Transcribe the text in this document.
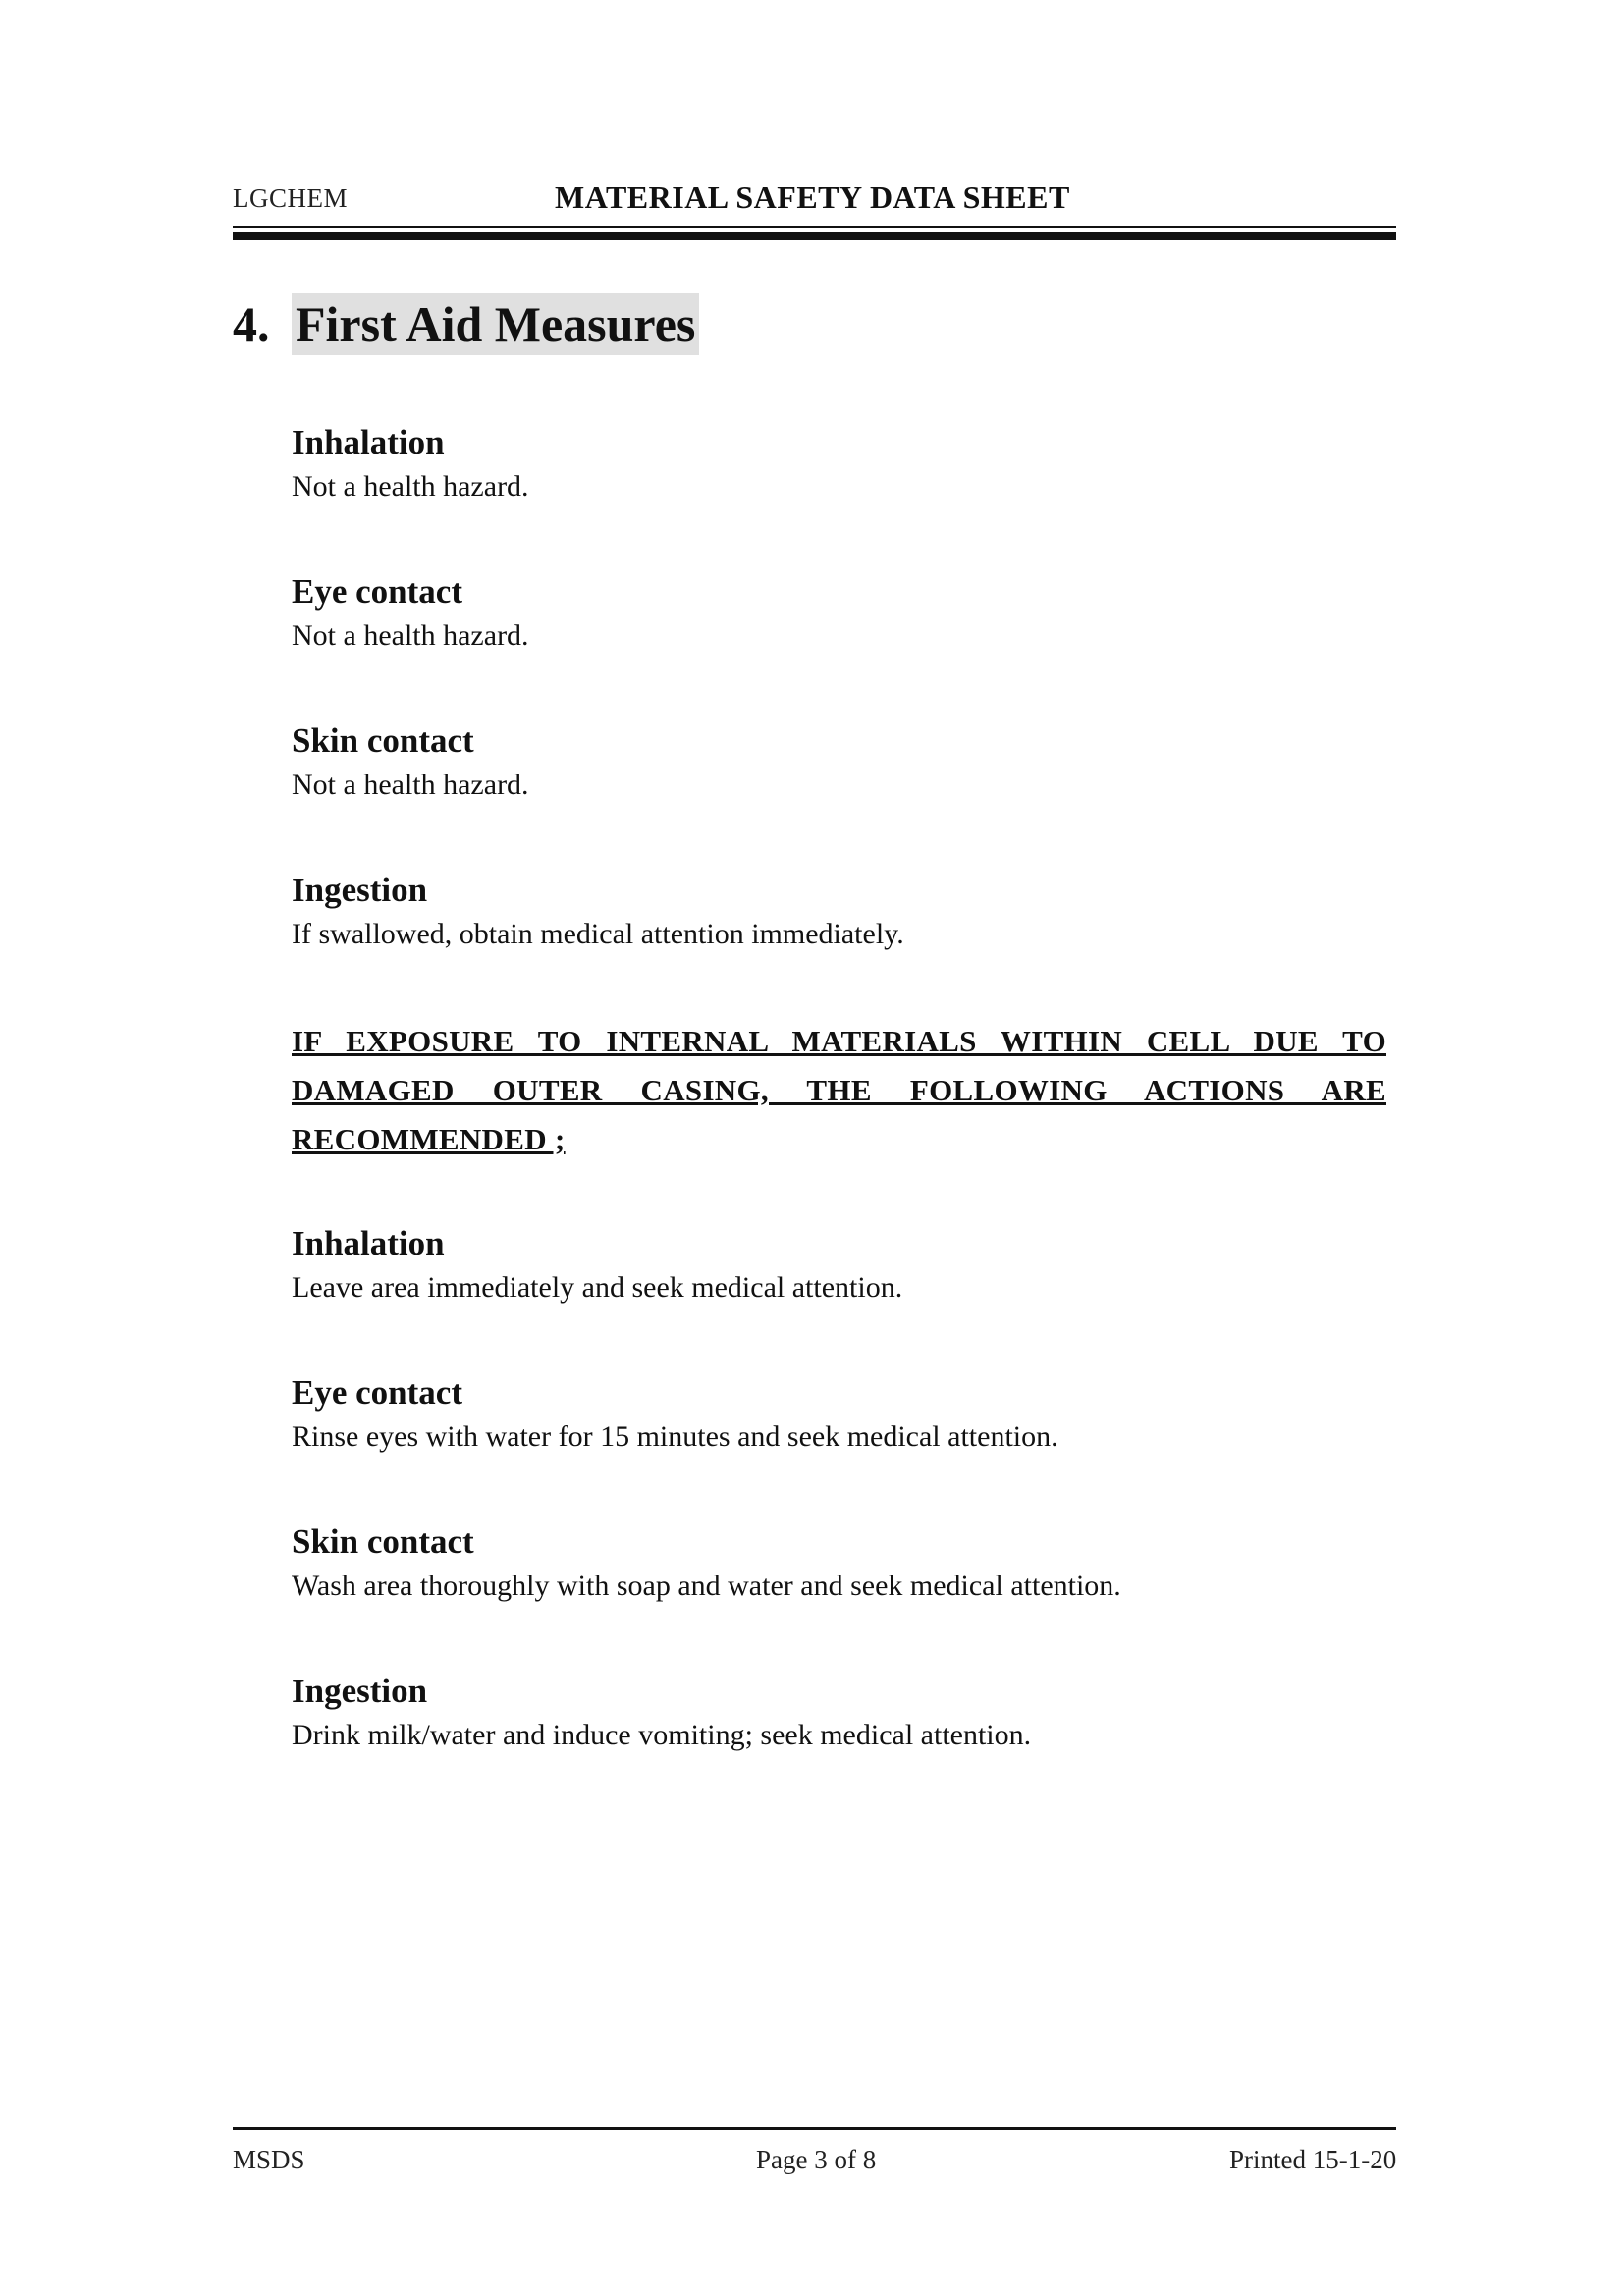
LGCHEM	MATERIAL SAFETY DATA SHEET
4. First Aid Measures

Inhalation

Not a health hazard.

Eye contact

Not a health hazard.

Skin contact

Not a health hazard.

Ingestion

If swallowed, obtain medical attention immediately.

IF EXPOSURE TO INTERNAL MATERIALS WITHIN CELL DUE TO DAMAGED OUTER CASING, THE FOLLOWING ACTIONS ARE RECOMMENDED ;

Inhalation

Leave area immediately and seek medical attention.

Eye contact

Rinse eyes with water for 15 minutes and seek medical attention.

Skin contact

Wash area thoroughly with soap and water and seek medical attention.

Ingestion

Drink milk/water and induce vomiting; seek medical attention.

MSDS	Page 3 of 8	Printed 15-1-20
